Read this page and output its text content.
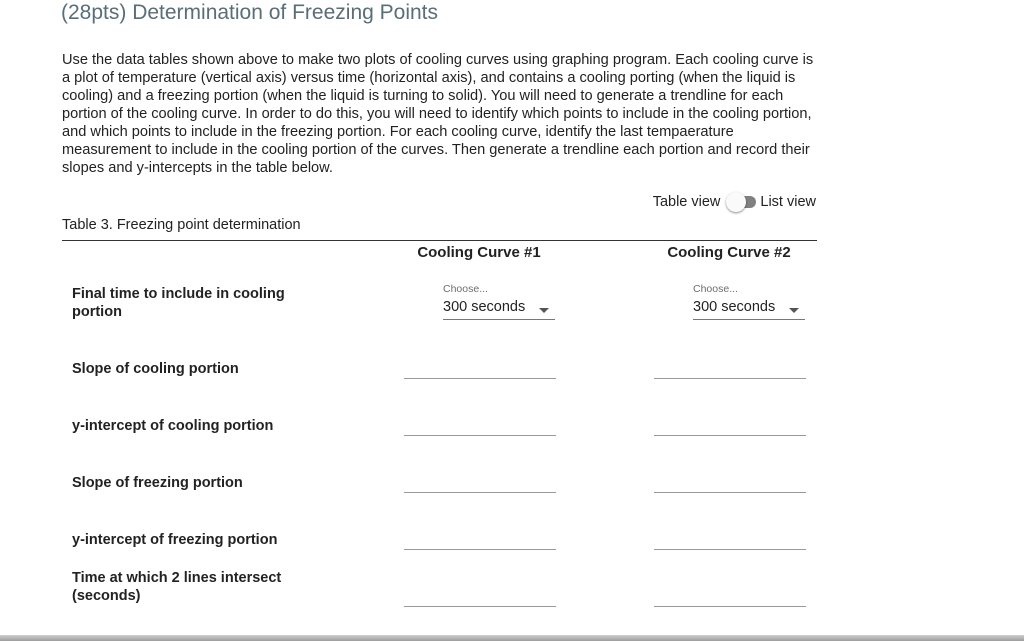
(28pts) Determination of Freezing Points
Use the data tables shown above to make two plots of cooling curves using graphing program. Each cooling curve is a plot of temperature (vertical axis) versus time (horizontal axis), and contains a cooling porting (when the liquid is cooling) and a freezing portion (when the liquid is turning to solid). You will need to generate a trendline for each portion of the cooling curve. In order to do this, you will need to identify which points to include in the cooling portion, and which points to include in the freezing portion. For each cooling curve, identify the last tempaerature measurement to include in the cooling portion of the curves. Then generate a trendline each portion and record their slopes and y-intercepts in the table below.
Table view	List view
Table 3. Freezing point determination
Cooling Curve #1	Cooling Curve #2
Final time to include in cooling portion
Slope of cooling portion
y-intercept of cooling portion
Slope of freezing portion
y-intercept of freezing portion
Time at which 2 lines intersect (seconds)
Choose...
300 seconds
Choose...
300 seconds
